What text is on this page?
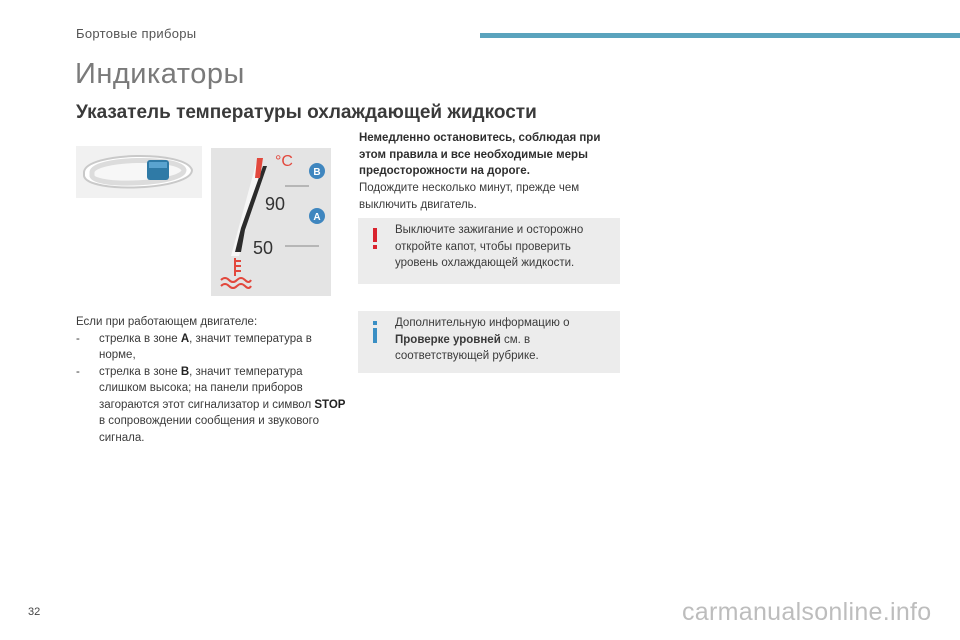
Бортовые приборы
Индикаторы
Указатель температуры охлаждающей жидкости
B
A
°C
90
50
Если при работающем двигателе:

- стрелка в зоне A, значит температура в норме,

- стрелка в зоне B, значит температура слишком высока; на панели приборов загораются этот сигнализатор и символ STOP в сопровождении сообщения и звукового сигнала.

Немедленно остановитесь, соблюдая при этом правила и все необходимые меры предосторожности на дороге.
Подождите несколько минут, прежде чем выключить двигатель.
Выключите зажигание и осторожно откройте капот, чтобы проверить уровень охлаждающей жидкости.
Дополнительную информацию о Проверке уровней см. в соответствующей рубрике.
32	carmanualsonline.info
